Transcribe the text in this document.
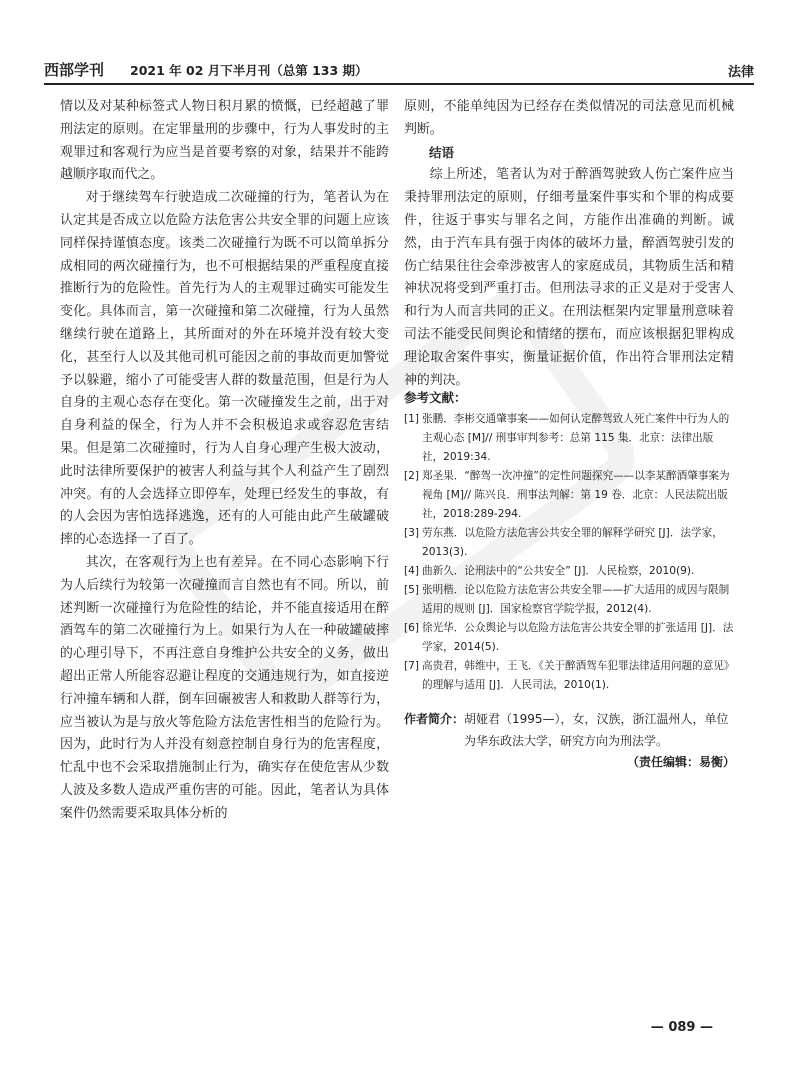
西部学刊 2021 年 02 月下半月刊（总第 133 期）	法律

情以及对某种标签式人物日积月累的愤慨，已经超越了罪刑法定的原则。在定罪量刑的步骤中，行为人事发时的主观罪过和客观行为应当是首要考察的对象，结果并不能跨越顺序取而代之。

对于继续驾车行驶造成二次碰撞的行为，笔者认为在认定其是否成立以危险方法危害公共安全罪的问题上应该同样保持谨慎态度。该类二次碰撞行为既不可以简单拆分成相同的两次碰撞行为，也不可根据结果的严重程度直接推断行为的危险性。首先行为人的主观罪过确实可能发生变化。具体而言，第一次碰撞和第二次碰撞，行为人虽然继续行驶在道路上，其所面对的外在环境并没有较大变化，甚至行人以及其他司机可能因之前的事故而更加警觉予以躲避，缩小了可能受害人群的数量范围，但是行为人自身的主观心态存在变化。第一次碰撞发生之前，出于对自身利益的保全，行为人并不会积极追求或容忍危害结果。但是第二次碰撞时，行为人自身心理产生极大波动，此时法律所要保护的被害人利益与其个人利益产生了剧烈冲突。有的人会选择立即停车，处理已经发生的事故，有的人会因为害怕选择逃逸，还有的人可能由此产生破罐破摔的心态选择一了百了。

其次，在客观行为上也有差异。在不同心态影响下行为人后续行为较第一次碰撞而言自然也有不同。所以，前述判断一次碰撞行为危险性的结论，并不能直接适用在醉酒驾车的第二次碰撞行为上。如果行为人在一种破罐破摔的心理引导下，不再注意自身维护公共安全的义务，做出超出正常人所能容忍避让程度的交通违规行为，如直接逆行冲撞车辆和人群，倒车回碾被害人和救助人群等行为，应当被认为是与放火等危险方法危害性相当的危险行为。因为，此时行为人并没有刻意控制自身行为的危害程度，忙乱中也不会采取措施制止行为，确实存在使危害从少数人波及多数人造成严重伤害的可能。因此，笔者认为具体案件仍然需要采取具体分析的

原则，不能单纯因为已经存在类似情况的司法意见而机械判断。

结语

综上所述，笔者认为对于醉酒驾驶致人伤亡案件应当秉持罪刑法定的原则，仔细考量案件事实和个罪的构成要件，往返于事实与罪名之间，方能作出准确的判断。诚然，由于汽车具有强于肉体的破坏力量，醉酒驾驶引发的伤亡结果往往会牵涉被害人的家庭成员，其物质生活和精神状况将受到严重打击。但刑法寻求的正义是对于受害人和行为人而言共同的正义。在刑法框架内定罪量刑意味着司法不能受民间舆论和情绪的摆布，而应该根据犯罪构成理论取舍案件事实，衡量证据价值，作出符合罪刑法定精神的判决。

参考文献：
[1] 张鹏．李彬交通肇事案——如何认定醉驾致人死亡案件中行为人的主观心态 [M]// 刑事审判参考：总第 115 集．北京：法律出版社，2019:34.
[2] 郑圣果．“醉驾一次冲撞”的定性问题探究——以李某醉酒肇事案为视角 [M]// 陈兴良．刑事法判解：第 19 卷．北京：人民法院出版社，2018:289-294.
[3] 劳东燕．以危险方法危害公共安全罪的解释学研究 [J]．法学家，2013(3).
[4] 曲新久．论刑法中的“公共安全” [J]．人民检察，2010(9).
[5] 张明楷．论以危险方法危害公共安全罪——扩大适用的成因与限制适用的规则 [J]．国家检察官学院学报，2012(4).
[6] 徐光华．公众舆论与以危险方法危害公共安全罪的扩张适用 [J]．法学家，2014(5).
[7] 高贵君，韩维中，王飞．《关于醉酒驾车犯罪法律适用问题的意见》的理解与适用 [J]．人民司法，2010(1).
作者简介：胡娅君（1995—），女，汉族，浙江温州人，单位
为华东政法大学，研究方向为刑法学。
（责任编辑：易衡）
— 089 —
